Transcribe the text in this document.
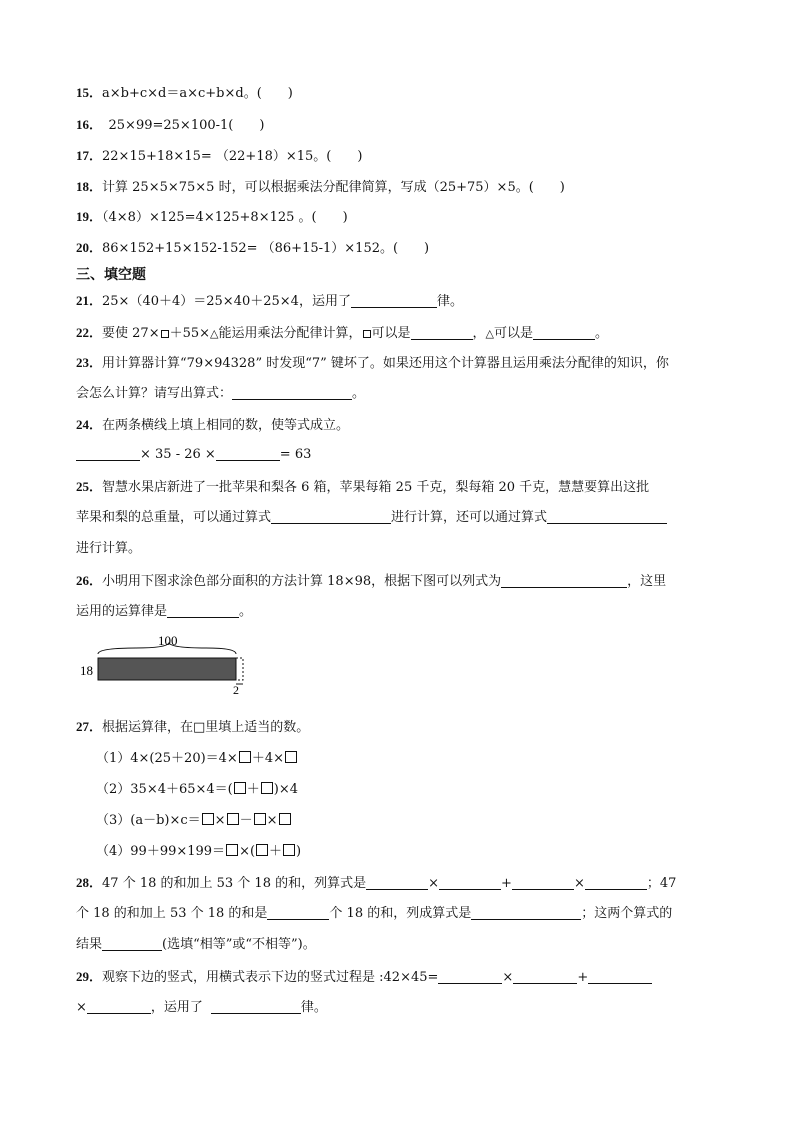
15．a×b+c×d＝a×c+b×d。(　　)
16．　25×99=25×100-1(　　)
17．22×15+18×15= （22+18）×15。(　　)
18．计算 25×5×75×5 时，可以根据乘法分配律简算，写成（25+75）×5。(　　)
19．（4×8）×125=4×125+8×125 。(　　)
20．86×152+15×152-152= （86+15-1）×152。(　　)
三、填空题
21．25×（40＋4）＝25×40＋25×4，运用了	律。
22．要使 27× ＋55×△能运用乘法分配律计算， 可以是	，△可以是	。
23．用计算器计算“79×94328” 时发现“7” 键坏了。如果还用这个计算器且运用乘法分配律的知识，你
会怎么计算？请写出算式：	。
24．在两条横线上填上相同的数，使等式成立。
× 35 - 26 ×	= 63
25．智慧水果店新进了一批苹果和梨各 6 箱，苹果每箱 25 千克，梨每箱 20 千克，慧慧要算出这批
苹果和梨的总重量，可以通过算式	进行计算，还可以通过算式
进行计算。
26．小明用下图求涂色部分面积的方法计算 18×98，根据下图可以列式为	，这里
运用的运算律是	。
100
18
2
27．根据运算律，在□里填上适当的数。
（1）4×(25＋20)＝4× ＋4×
（2）35×4＋65×4＝( ＋ )×4
（3）(a－b)×c＝ × － ×
（4）99＋99×199＝ ×( ＋ )
28．47 个 18 的和加上 53 个 18 的和，列算式是	×	+	×	；47
个 18 的和加上 53 个 18 的和是	个 18 的和，列成算式是	；这两个算式的
结果	(选填“相等”或“不相等”)。
29．观察下边的竖式，用横式表示下边的竖式过程是 :42×45=	×	+
×	，运用了	律。
